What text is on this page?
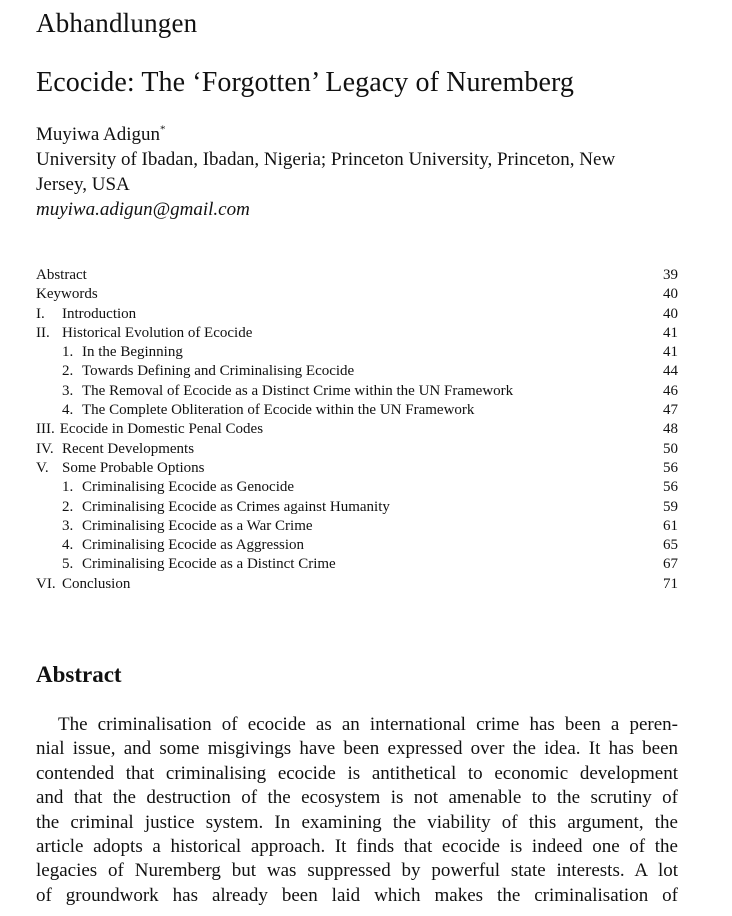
Abhandlungen
Ecocide: The ‘Forgotten’ Legacy of Nuremberg
Muyiwa Adigun*
University of Ibadan, Ibadan, Nigeria; Princeton University, Princeton, New
Jersey, USA
muyiwa.adigun@gmail.com
Abstract	39
Keywords	40
I. Introduction	40
II. Historical Evolution of Ecocide	41
1. In the Beginning	41
2. Towards Defining and Criminalising Ecocide	44
3. The Removal of Ecocide as a Distinct Crime within the UN Framework	46
4. The Complete Obliteration of Ecocide within the UN Framework	47
III. Ecocide in Domestic Penal Codes	48
IV. Recent Developments	50
V. Some Probable Options	56
1. Criminalising Ecocide as Genocide	56
2. Criminalising Ecocide as Crimes against Humanity	59
3. Criminalising Ecocide as a War Crime	61
4. Criminalising Ecocide as Aggression	65
5. Criminalising Ecocide as a Distinct Crime	67
VI. Conclusion	71
Abstract
The criminalisation of ecocide as an international crime has been a peren-
nial issue, and some misgivings have been expressed over the idea. It has been
contended that criminalising ecocide is antithetical to economic development
and that the destruction of the ecosystem is not amenable to the scrutiny of
the criminal justice system. In examining the viability of this argument, the
article adopts a historical approach. It finds that ecocide is indeed one of the
legacies of Nuremberg but was suppressed by powerful state interests. A lot
of groundwork has already been laid which makes the criminalisation of
